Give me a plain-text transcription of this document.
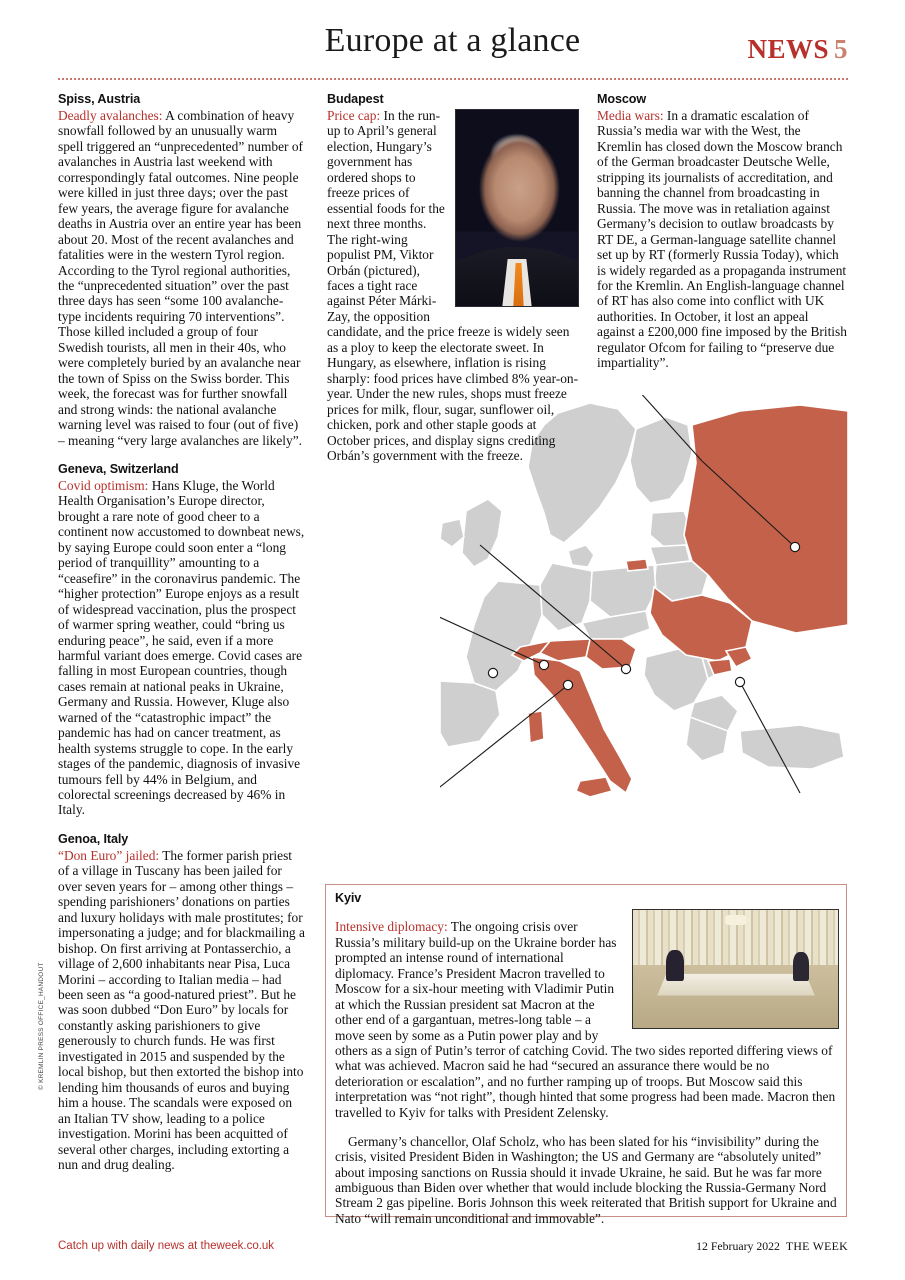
Europe at a glance	NEWS 5
Spiss, Austria

Deadly avalanches: A combination of heavy snowfall followed by an unusually warm spell triggered an “unprecedented” number of avalanches in Austria last weekend with correspondingly fatal outcomes. Nine people were killed in just three days; over the past few years, the average figure for avalanche deaths in Austria over an entire year has been about 20. Most of the recent avalanches and fatalities were in the western Tyrol region. According to the Tyrol regional authorities, the “unprecedented situation” over the past three days has seen “some 100 avalanche-type incidents requiring 70 interventions”. Those killed included a group of four Swedish tourists, all men in their 40s, who were completely buried by an avalanche near the town of Spiss on the Swiss border. This week, the forecast was for further snowfall and strong winds: the national avalanche warning level was raised to four (out of five) – meaning “very large avalanches are likely”.

Geneva, Switzerland

Covid optimism: Hans Kluge, the World Health Organisation’s Europe director, brought a rare note of good cheer to a continent now accustomed to downbeat news, by saying Europe could soon enter a “long period of tranquillity” amounting to a “ceasefire” in the coronavirus pandemic. The “higher protection” Europe enjoys as a result of widespread vaccination, plus the prospect of warmer spring weather, could “bring us enduring peace”, he said, even if a more harmful variant does emerge. Covid cases are falling in most European countries, though cases remain at national peaks in Ukraine, Germany and Russia. However, Kluge also warned of the “catastrophic impact” the pandemic has had on cancer treatment, as health systems struggle to cope. In the early stages of the pandemic, diagnosis of invasive tumours fell by 44% in Belgium, and colorectal screenings decreased by 46% in Italy.

Genoa, Italy

“Don Euro” jailed: The former parish priest of a village in Tuscany has been jailed for over seven years for – among other things – spending parishioners’ donations on parties and luxury holidays with male prostitutes; for impersonating a judge; and for blackmailing a bishop. On first arriving at Pontasserchio, a village of 2,600 inhabitants near Pisa, Luca Morini – according to Italian media – had been seen as “a good-natured priest”. But he was soon dubbed “Don Euro” by locals for constantly asking parishioners to give generously to church funds. He was first investigated in 2015 and suspended by the local bishop, but then extorted the bishop into lending him thousands of euros and buying him a house. The scandals were exposed on an Italian TV show, leading to a police investigation. Morini has been acquitted of several other charges, including extorting a nun and drug dealing.

Budapest

Price cap: In the run-up to April’s general election, Hungary’s government has ordered shops to freeze prices of essential foods for the next three months. The right-wing populist PM, Viktor Orbán (pictured), faces a tight race against Péter Márki-Zay, the opposition candidate, and the price freeze is widely seen as a ploy to keep the electorate sweet. In Hungary, as elsewhere, inflation is rising sharply: food prices have climbed 8% year-on-year. Under the new rules, shops must freeze prices for milk, flour, sugar, sunflower oil, chicken, pork and other staple goods at October prices, and display signs crediting Orbán’s government with the freeze.

Moscow

Media wars: In a dramatic escalation of Russia’s media war with the West, the Kremlin has closed down the Moscow branch of the German broadcaster Deutsche Welle, stripping its journalists of accreditation, and banning the channel from broadcasting in Russia. The move was in retaliation against Germany’s decision to outlaw broadcasts by RT DE, a German-language satellite channel set up by RT (formerly Russia Today), which is widely regarded as a propaganda instrument for the Kremlin. An English-language channel of RT has also come into conflict with UK authorities. In October, it lost an appeal against a £200,000 fine imposed by the British regulator Ofcom for failing to “preserve due impartiality”.

Kyiv

Intensive diplomacy: The ongoing crisis over Russia’s military build-up on the Ukraine border has prompted an intense round of international diplomacy. France’s President Macron travelled to Moscow for a six-hour meeting with Vladimir Putin at which the Russian president sat Macron at the other end of a gargantuan, metres-long table – a move seen by some as a Putin power play and by others as a sign of Putin’s terror of catching Covid. The two sides reported differing views of what was achieved. Macron said he had “secured an assurance there would be no deterioration or escalation”, and no further ramping up of troops. But Moscow said this interpretation was “not right”, though hinted that some progress had been made. Macron then travelled to Kyiv for talks with President Zelensky.

Germany’s chancellor, Olaf Scholz, who has been slated for his “invisibility” during the crisis, visited President Biden in Washington; the US and Germany are “absolutely united” about imposing sanctions on Russia should it invade Ukraine, he said. But he was far more ambiguous than Biden over whether that would include blocking the Russia-Germany Nord Stream 2 gas pipeline. Boris Johnson this week reiterated that British support for Ukraine and Nato “will remain unconditional and immovable”.

© KREMLIN PRESS OFFICE_HANDOUT
Catch up with daily news at theweek.co.uk	12 February 2022 THE WEEK
